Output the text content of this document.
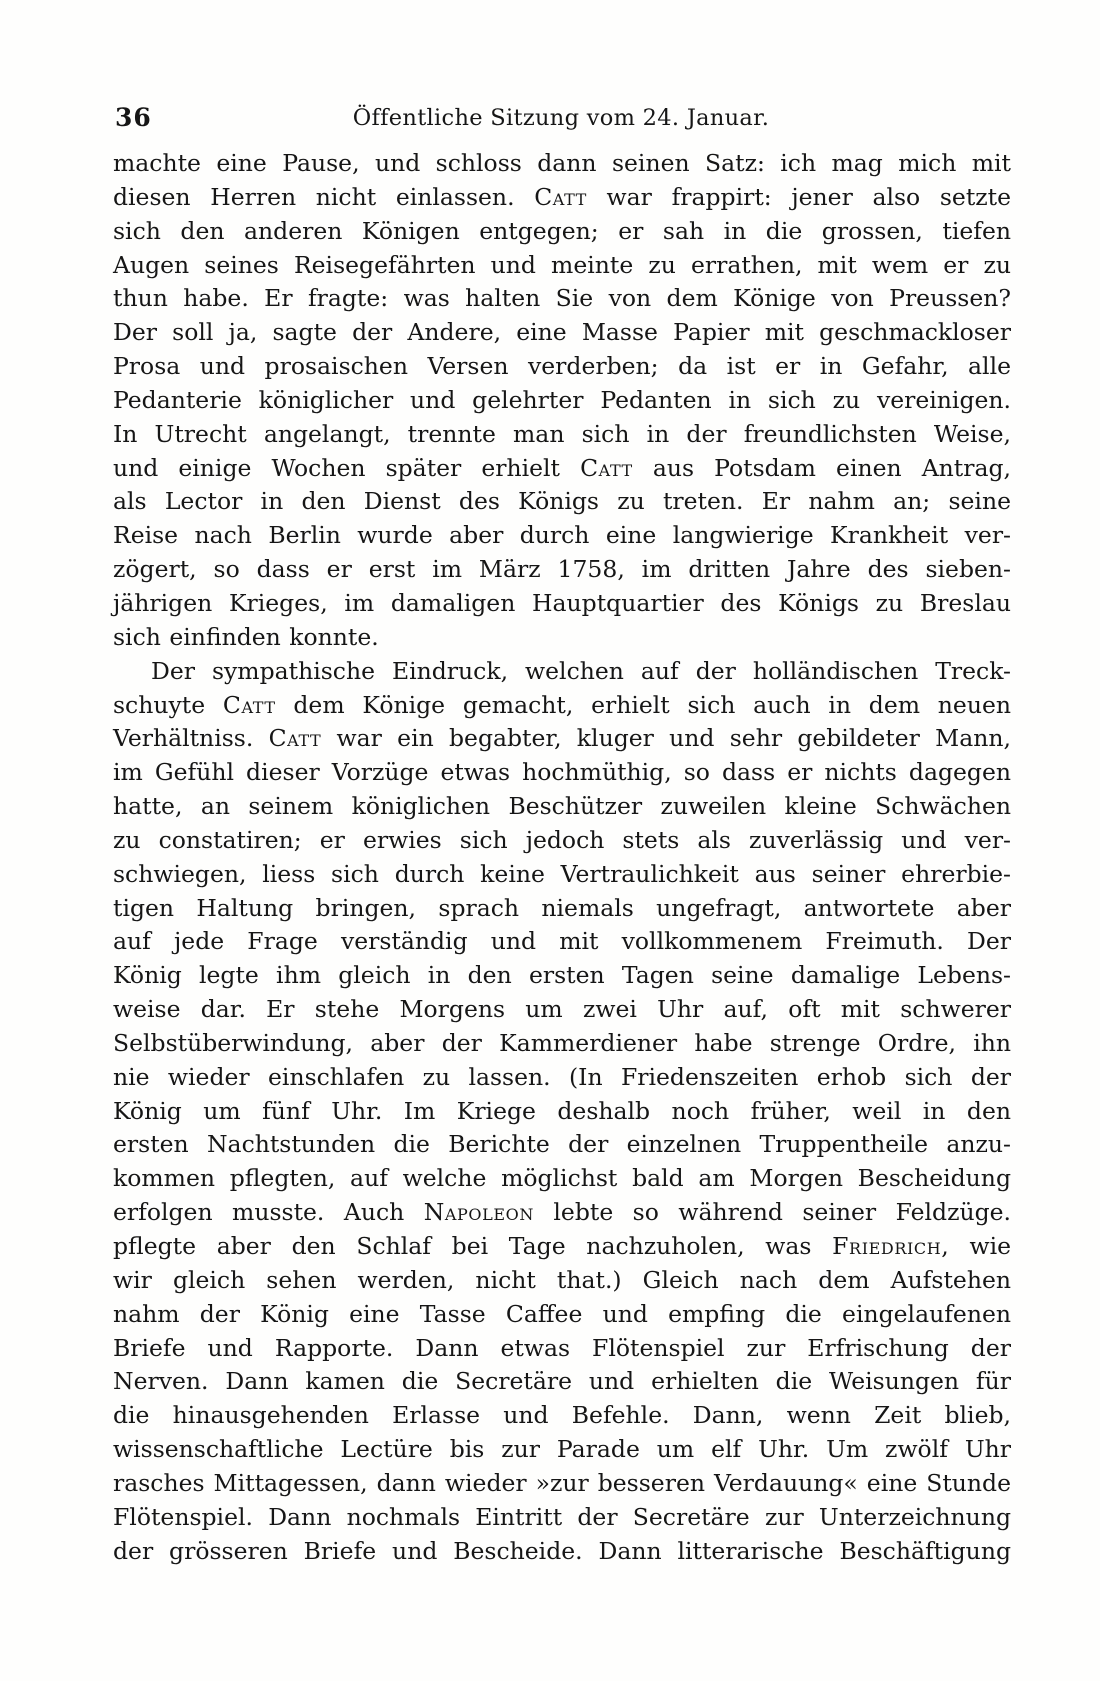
36	Öffentliche Sitzung vom 24. Januar.
machte eine Pause, und schloss dann seinen Satz: ich mag mich mit
diesen Herren nicht einlassen. Catt war frappirt: jener also setzte
sich den anderen Königen entgegen; er sah in die grossen, tiefen
Augen seines Reisegefährten und meinte zu errathen, mit wem er zu
thun habe. Er fragte: was halten Sie von dem Könige von Preussen?
Der soll ja, sagte der Andere, eine Masse Papier mit geschmackloser
Prosa und prosaischen Versen verderben; da ist er in Gefahr, alle
Pedanterie königlicher und gelehrter Pedanten in sich zu vereinigen.
In Utrecht angelangt, trennte man sich in der freundlichsten Weise,
und einige Wochen später erhielt Catt aus Potsdam einen Antrag,
als Lector in den Dienst des Königs zu treten. Er nahm an; seine
Reise nach Berlin wurde aber durch eine langwierige Krankheit ver-
zögert, so dass er erst im März 1758, im dritten Jahre des sieben-
jährigen Krieges, im damaligen Hauptquartier des Königs zu Breslau
sich einfinden konnte.
Der sympathische Eindruck, welchen auf der holländischen Treck-
schuyte Catt dem Könige gemacht, erhielt sich auch in dem neuen
Verhältniss. Catt war ein begabter, kluger und sehr gebildeter Mann,
im Gefühl dieser Vorzüge etwas hochmüthig, so dass er nichts dagegen
hatte, an seinem königlichen Beschützer zuweilen kleine Schwächen
zu constatiren; er erwies sich jedoch stets als zuverlässig und ver-
schwiegen, liess sich durch keine Vertraulichkeit aus seiner ehrerbie-
tigen Haltung bringen, sprach niemals ungefragt, antwortete aber
auf jede Frage verständig und mit vollkommenem Freimuth. Der
König legte ihm gleich in den ersten Tagen seine damalige Lebens-
weise dar. Er stehe Morgens um zwei Uhr auf, oft mit schwerer
Selbstüberwindung, aber der Kammerdiener habe strenge Ordre, ihn
nie wieder einschlafen zu lassen. (In Friedenszeiten erhob sich der
König um fünf Uhr. Im Kriege deshalb noch früher, weil in den
ersten Nachtstunden die Berichte der einzelnen Truppentheile anzu-
kommen pflegten, auf welche möglichst bald am Morgen Bescheidung
erfolgen musste. Auch Napoleon lebte so während seiner Feldzüge.
pflegte aber den Schlaf bei Tage nachzuholen, was Friedrich, wie
wir gleich sehen werden, nicht that.) Gleich nach dem Aufstehen
nahm der König eine Tasse Caffee und empfing die eingelaufenen
Briefe und Rapporte. Dann etwas Flötenspiel zur Erfrischung der
Nerven. Dann kamen die Secretäre und erhielten die Weisungen für
die hinausgehenden Erlasse und Befehle. Dann, wenn Zeit blieb,
wissenschaftliche Lectüre bis zur Parade um elf Uhr. Um zwölf Uhr
rasches Mittagessen, dann wieder »zur besseren Verdauung« eine Stunde
Flötenspiel. Dann nochmals Eintritt der Secretäre zur Unterzeichnung
der grösseren Briefe und Bescheide. Dann litterarische Beschäftigung
